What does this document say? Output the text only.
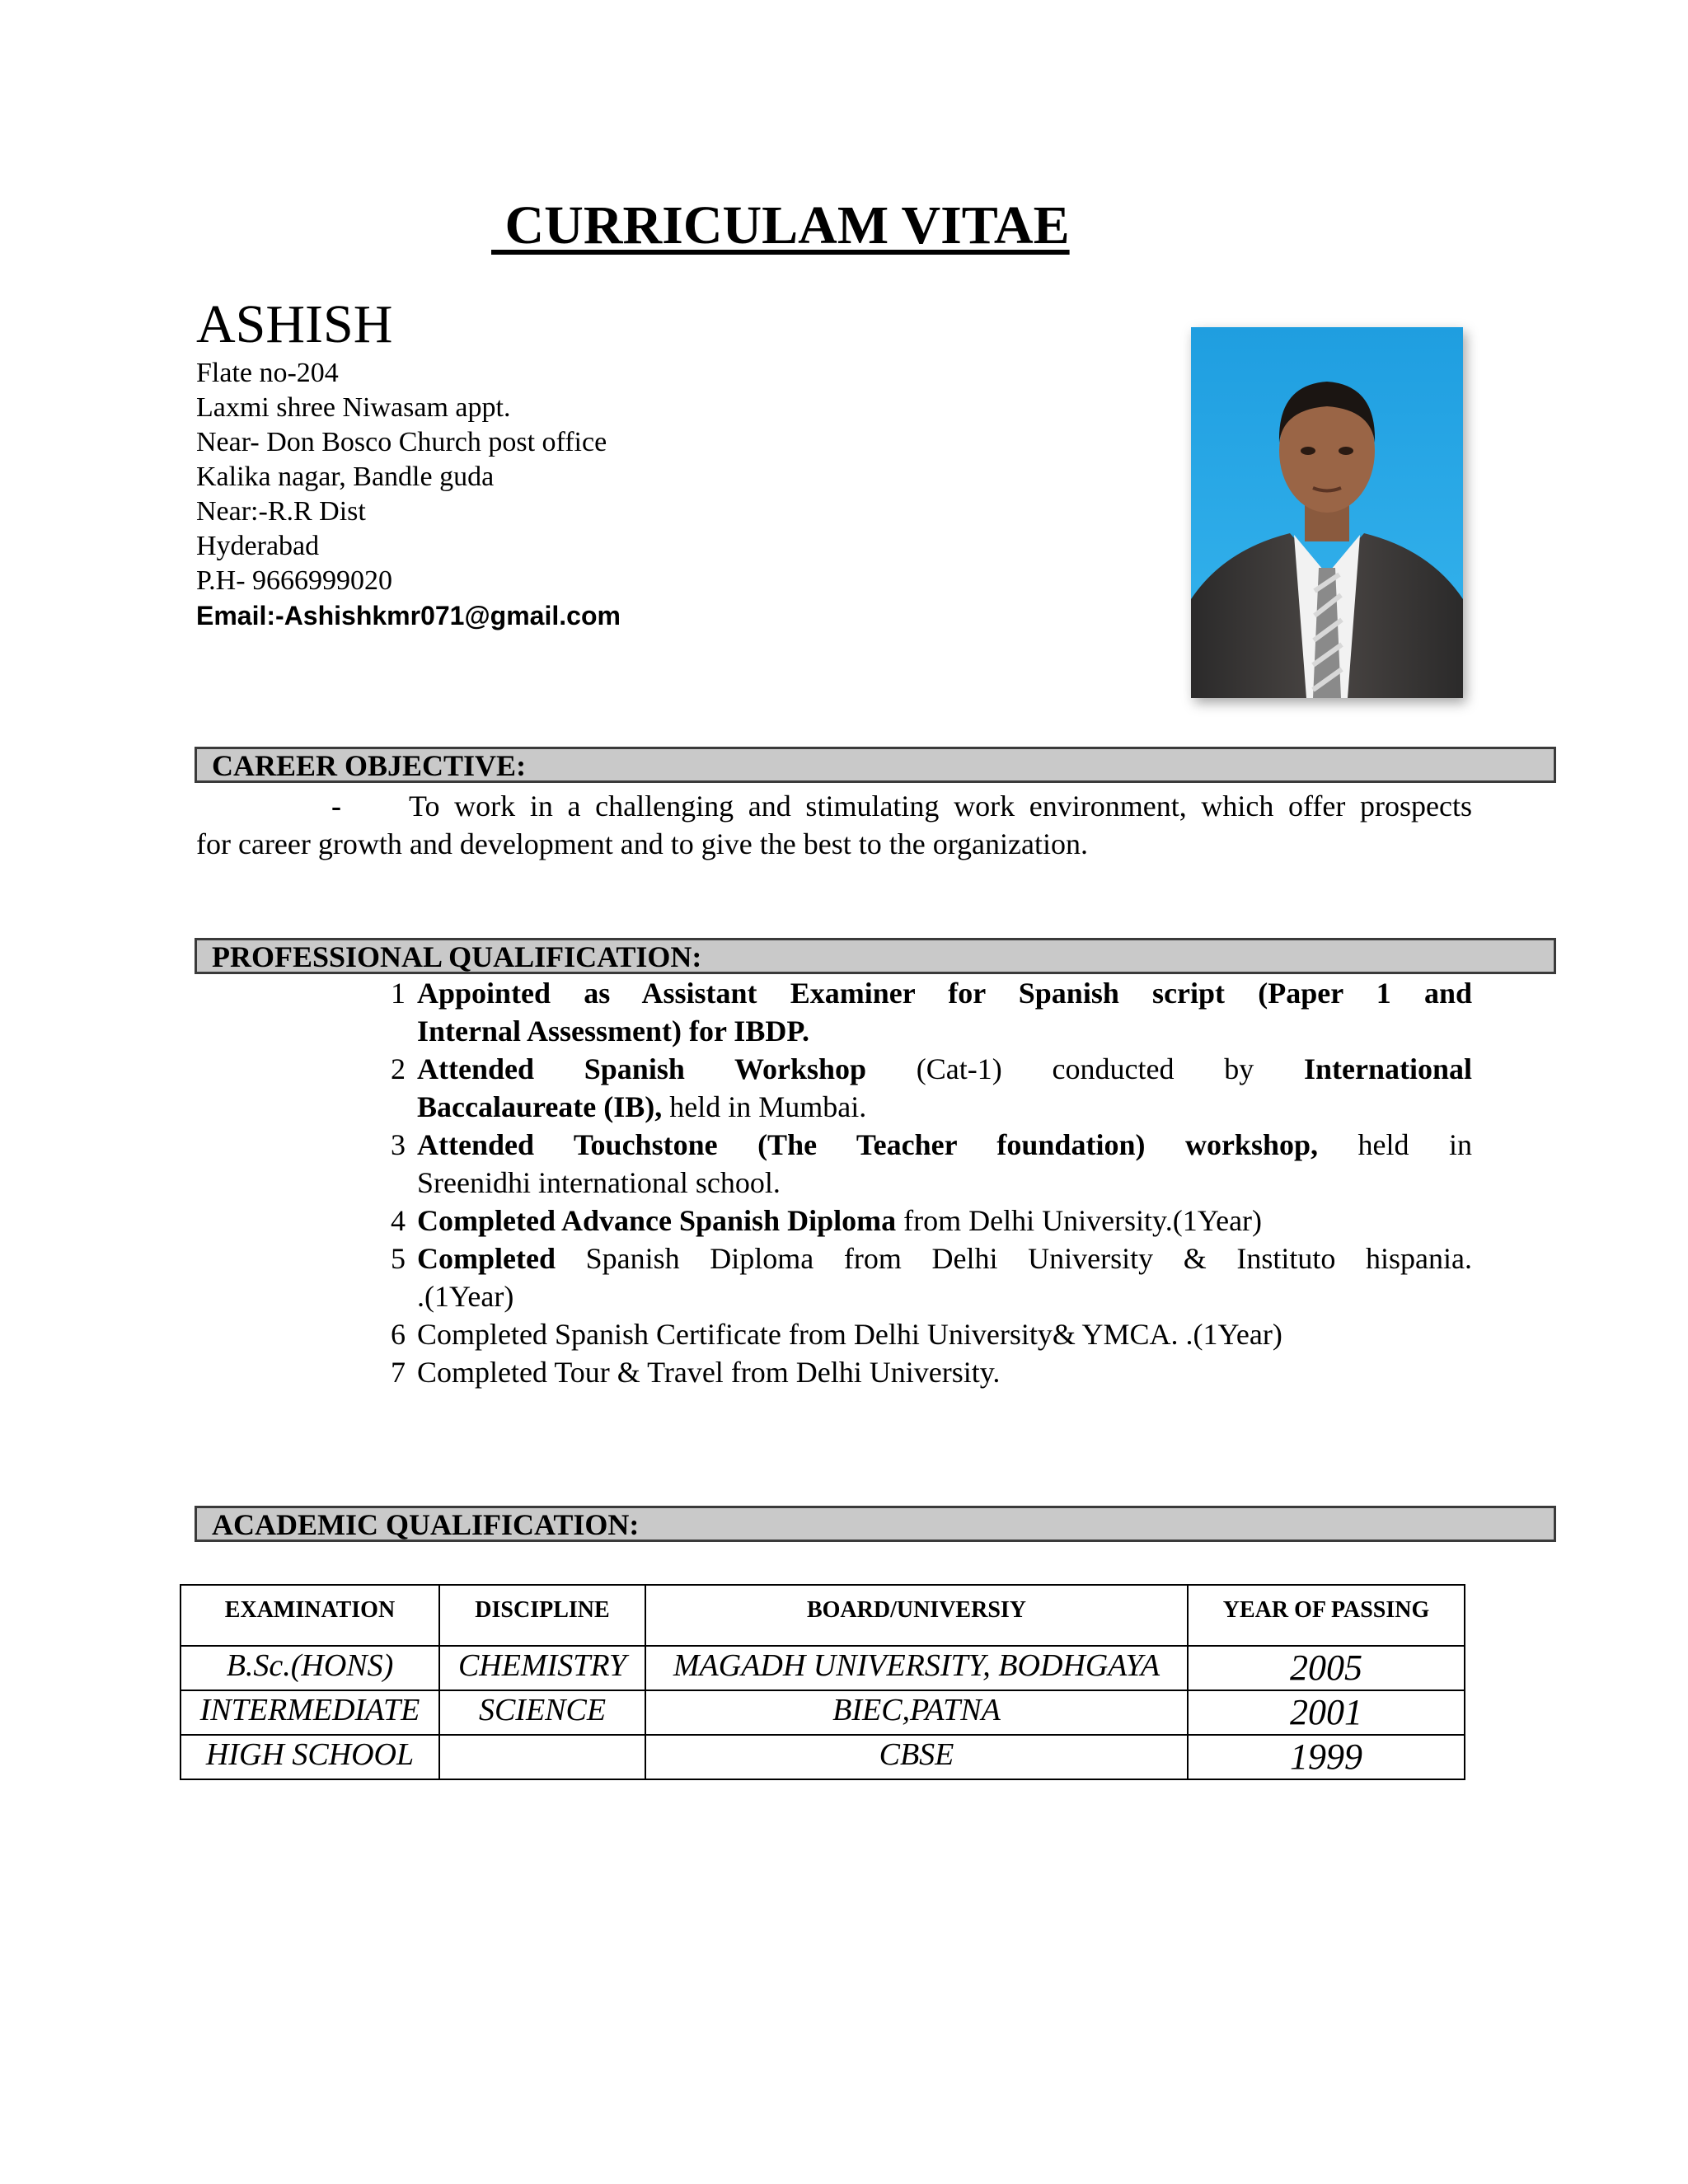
CURRICULAM VITAE
ASHISH
Flate no-204
Laxmi shree Niwasam appt.
Near- Don Bosco Church post office
Kalika nagar, Bandle guda
Near:-R.R Dist
Hyderabad
P.H- 9666999020
Email:-Ashishkmr071@gmail.com
CAREER OBJECTIVE:
-	To work in a challenging and stimulating work environment, which offer prospects
for career growth and development and to give the best to the organization.
PROFESSIONAL QUALIFICATION:
1 Appointed as Assistant Examiner for Spanish script (Paper 1 and
Internal Assessment) for IBDP.
2 Attended Spanish Workshop (Cat-1) conducted by International
Baccalaureate (IB), held in Mumbai.
3 Attended Touchstone (The Teacher foundation) workshop, held in
Sreenidhi international school.
4 Completed Advance Spanish Diploma from Delhi University.(1Year)
5 Completed Spanish Diploma from Delhi University & Instituto hispania.
.(1Year)
6 Completed Spanish Certificate from Delhi University& YMCA. .(1Year)
7 Completed Tour & Travel from Delhi University.
ACADEMIC QUALIFICATION:
EXAMINATION	DISCIPLINE	BOARD/UNIVERSIY	YEAR OF PASSING
B.Sc.(HONS)	CHEMISTRY	MAGADH UNIVERSITY, BODHGAYA	2005
INTERMEDIATE	SCIENCE	BIEC,PATNA	2001
HIGH SCHOOL		CBSE	1999
